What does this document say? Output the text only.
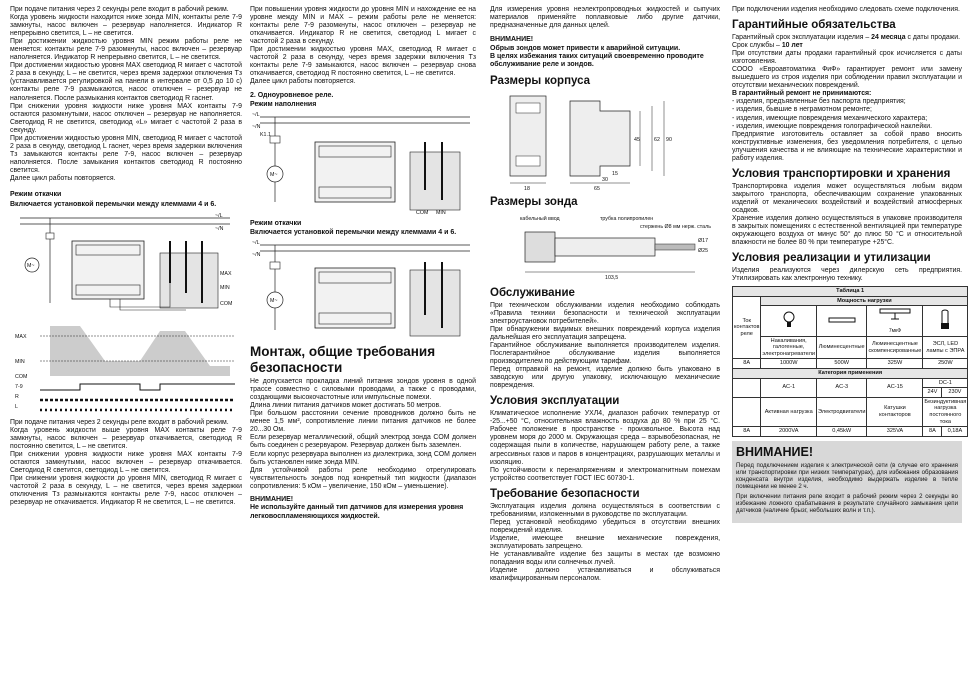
При подаче питания через 2 секунды реле входит в рабочий режим.

Когда уровень жидкости находится ниже зонда MIN, контакты реле 7-9 замкнуты, насос включен – резервуар наполняется. Индикатор R непрерывно светится, L – не светится.

При достижении жидкостью уровня MIN режим работы реле не меняется: контакты реле 7-9 разомкнуты, насос включен – резервуар наполняется. Индикатор R непрерывно светится, L – не светится.

При достижении жидкостью уровня MAX светодиод R мигает с частотой 2 раза в секунду, L – не светится, через время задержки отключения Тз (устанавливается регулировкой на панели в интервале от 0,5 до 10 с) контакты реле 7-9 размыкаются, насос отключен – резервуар не наполняется. После размыкания контактов светодиод R гаснет.

При снижении уровня жидкости ниже уровня MAX контакты 7-9 остаются разомкнутыми, насос отключен – резервуар не наполняется. Светодиод R не светится, светодиод «L» мигает с частотой 2 раза в секунду.

При достижении жидкостью уровня MIN, светодиод R мигает с частотой 2 раза в секунду, светодиод L гаснет, через время задержки включения Тз замыкаются контакты реле 7-9, насос включен – резервуар наполняется. После замыкания контактов светодиод R постоянно светится.

Далее цикл работы повторяется.

Режим откачки
Включается установкой перемычки между клеммами 4 и 6.
~/L
~/N
M~
MAX
MIN
COM
MAX
MIN
COM
7-9
R
L

При подаче питания через 2 секунды реле входит в рабочий режим.

Когда уровень жидкости выше уровня MAX контакты реле 7-9 замкнуты, насос включен – резервуар откачивается, светодиод R постоянно светится, L – не светится.

При снижении уровня жидкости ниже уровня MAX контакты 7-9 остаются замкнутыми, насос включен – резервуар откачивается. Светодиод R светится, светодиод L – не светится.

При снижении уровня жидкости до уровня MIN, светодиод R мигает с частотой 2 раза в секунду, L – не светится, через время задержки отключения Тз размыкаются контакты реле 7-9, насос отключен – резервуар не откачивается. Индикатор R не светится, L – не светится.

При повышении уровня жидкости до уровня MIN и нахождение ее на уровне между MIN и MAX – режим работы реле не меняется: контакты реле 7-9 разомкнуты, насос отключен – резервуар не откачивается. Индикатор R не светится, светодиод L мигает с частотой 2 раза в секунду.

При достижении жидкостью уровня MAX, светодиод R мигает с частотой 2 раза в секунду, через время задержки включения Тз контакты реле 7-9 замыкаются, насос включен – резервуар снова откачивается, светодиод R постоянно светится, L – не светится.

Далее цикл работы повторяется.

2. Одноуровневое реле.
Режим наполнения
~/L
~/N
K1.1
M~
COM MIN
Режим откачки
Включается установкой перемычки между клеммами 4 и 6.
~/L
~/N
M~
Монтаж, общие требования безопасности

Не допускается прокладка линий питания зондов уровня в одной трассе совместно с силовыми проводами, а также с проводами, создающими высокочастотные или импульсные помехи.

Длина линии питания датчиков может достигать 50 метров.

При большом расстоянии сечение проводников должно быть не менее 1,5 мм², сопротивление линии питания датчиков не более 20...30 Ом.

Если резервуар металлический, общий электрод зонда COM должен быть соединен с резервуаром. Резервуар должен быть заземлен.

Если корпус резервуара выполнен из диэлектрика, зонд COM должен быть установлен ниже зонда MIN.

Для устойчивой работы реле необходимо отрегулировать чувствительность зондов под конкретный тип жидкости (диапазон сопротивления: 5 кОм – увеличение, 150 кОм – уменьшение).

ВНИМАНИЕ!
Не используйте данный тип датчиков для измерения уровня легковоспламеняющихся жидкостей.

Для измерения уровня неэлектропроводных жидкостей и сыпучих материалов применяйте поплавковые либо другие датчики, предназначенные для данных целей.

ВНИМАНИЕ!
Обрыв зондов может привести к аварийной ситуации.
В целях избежания таких ситуаций своевременно проводите обслуживание реле и зондов.
Размеры корпуса
18	65
15
30
45	62 90
Размеры зонда
кабельный ввод	трубка полипропилен
стержень Ø8 мм нерж. сталь
103,5
Ø17
Ø25
Обслуживание

При техническом обслуживании изделия необходимо соблюдать «Правила техники безопасности и технической эксплуатации электроустановок потребителей».

При обнаружении видимых внешних повреждений корпуса изделия дальнейшая его эксплуатация запрещена.

Гарантийное обслуживание выполняется производителем изделия. Послегарантийное обслуживание изделия выполняется производителем по действующим тарифам.

Перед отправкой на ремонт, изделие должно быть упаковано в заводскую или другую упаковку, исключающую механические повреждения.

Условия эксплуатации

Климатическое исполнение УХЛ4, диапазон рабочих температур от -25...+50 °С, относительная влажность воздуха до 80 % при 25 °С. Рабочее положение в пространстве - произвольное. Высота над уровнем моря до 2000 м. Окружающая среда – взрывобезопасная, не содержащая пыли в количестве, нарушающем работу реле, а также агрессивных газов и паров в концентрациях, разрушающих металлы и изоляцию.

По устойчивости к перенапряжениям и электромагнитным помехам устройство соответствует ГОСТ IEC 60730-1.

Требование безопасности

Эксплуатация изделия должна осуществляться в соответствии с требованиями, изложенными в руководстве по эксплуатации.

Перед установкой необходимо убедиться в отсутствии внешних повреждений изделия.

Изделие, имеющее внешние механические повреждения, эксплуатировать запрещено.

Не устанавливайте изделие без защиты в местах где возможно попадания воды или солнечных лучей.

Изделие должно устанавливаться и обслуживаться квалифицированным персоналом.

При подключении изделия необходимо следовать схеме подключения.

Гарантийные обязательства

Гарантийный срок эксплуатации изделия – 24 месяца с даты продажи.

Срок службы – 10 лет

При отсутствии даты продажи гарантийный срок исчисляется с даты изготовления.

СООО «Евроавтоматика ФиФ» гарантирует ремонт или замену вышедшего из строя изделия при соблюдении правил эксплуатации и отсутствии механических повреждений.

В гарантийный ремонт не принимаются:

- изделия, предъявленные без паспорта предприятия;

- изделия, бывшие в неграмотном ремонте;

- изделия, имеющие повреждения механического характера;

- изделия, имеющие повреждения голографической наклейки.

Предприятие изготовитель оставляет за собой право вносить конструктивные изменения, без уведомления потребителя, с целью улучшения качества и не влияющие на технические характеристики и работу изделия.

Условия транспортировки и хранения

Транспортировка изделия может осуществляться любым видом закрытого транспорта, обеспечивающим сохранение упакованных изделий от механических воздействий и воздействий атмосферных осадков.

Хранение изделия должно осуществляться в упаковке производителя в закрытых помещениях с естественной вентиляцией при температуре окружающего воздуха от минус 50° до плюс 50 °С и относительной влажности не более 80 % при температуре +25°С.

Условия реализации и утилизации

Изделия реализуются через дилерскую сеть предприятия. Утилизировать как электронную технику.

Таблица 1					
Ток контактов реле	Мощность нагрузки				

7мкФ

	Накаливания, галогенные, электронагреватели	Люминесцентные	Люминесцентные скомпенсированные	ЭСЛ, LED лампы с ЭПРА	
8A	1000W	500W	325W	250W	
Категория применения					
	AC-1	AC-3	AC-15	DC-1	
				24V	230V
	Активная нагрузка	Электродвигатели	Катушки контакторов	Безиндуктивная нагрузка постоянного тока	
8A	2000VA	0,45kW	325VA	8A	0,18A
ВНИМАНИЕ!

Перед подключением изделия к электрической сети (в случае его хранения или транспортировки при низких температурах), для избежания образования конденсата внутри изделия, необходимо выдержать изделие в тепле помещении не менее 2 ч.

При включении питания реле входит в рабочий режим через 2 секунды во избежание ложного срабатывания в результате случайного замыкания цепи датчиков (наличие брызг, небольших волн и т.п.).
